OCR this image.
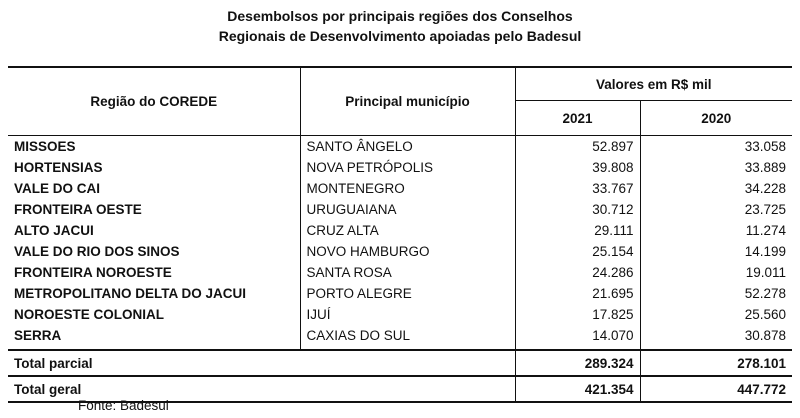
Desembolsos por principais regiões dos Conselhos
Regionais de Desenvolvimento apoiadas pelo Badesul
Região do COREDE	Principal município	Valores em R$ mil	
		2021	2020
MISSOES	SANTO ÂNGELO	52.897	33.058
HORTENSIAS	NOVA PETRÓPOLIS	39.808	33.889
VALE DO CAI	MONTENEGRO	33.767	34.228
FRONTEIRA OESTE	URUGUAIANA	30.712	23.725
ALTO JACUI	CRUZ ALTA	29.111	11.274
VALE DO RIO DOS SINOS	NOVO HAMBURGO	25.154	14.199
FRONTEIRA NOROESTE	SANTA ROSA	24.286	19.011
METROPOLITANO DELTA DO JACUI	PORTO ALEGRE	21.695	52.278
NOROESTE COLONIAL	IJUÍ	17.825	25.560
SERRA	CAXIAS DO SUL	14.070	30.878
Total parcial		289.324	278.101
Total geral		421.354	447.772
Fonte: Badesul
